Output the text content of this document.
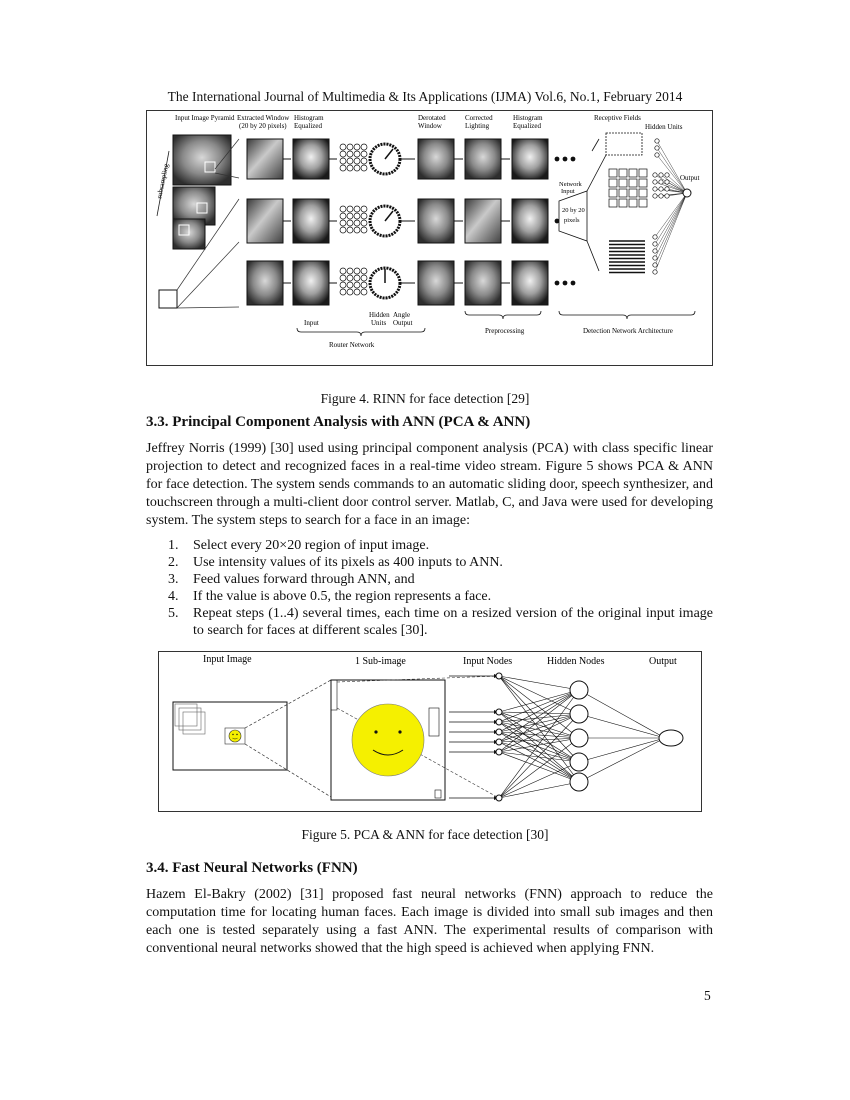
The International Journal of Multimedia & Its Applications (IJMA) Vol.6, No.1, February 2014
Input Image Pyramid Extracted Window
(20 by 20 pixels)
Histogram
Equalized
Derotated
Window
Corrected
Lighting
Histogram
Equalized
Receptive Fields
Hidden Units
Output
subsampling	Network
Input
20 by 20
pixels
Hidden
Units
Angle
Output
Input
Router Network
Preprocessing	Detection Network Architecture
Figure 4. RINN for face detection [29]
3.3. Principal Component Analysis with ANN (PCA & ANN)

Jeffrey Norris (1999) [30] used using principal component analysis (PCA) with class specific linear projection to detect and recognized faces in a real-time video stream. Figure 5 shows PCA & ANN for face detection. The system sends commands to an automatic sliding door, speech synthesizer, and touchscreen through a multi-client door control server. Matlab, C, and Java were used for developing system. The system steps to search for a face in an image:

1. Select every 20×20 region of input image.
2. Use intensity values of its pixels as 400 inputs to ANN.
3. Feed values forward through ANN, and
4. If the value is above 0.5, the region represents a face.
5. Repeat steps (1..4) several times, each time on a resized version of the original input image to search for faces at different scales [30].
Input Image	1 Sub-image	Input Nodes	Hidden Nodes	Output
Figure 5. PCA & ANN for face detection [30]
3.4. Fast Neural Networks (FNN)

Hazem El-Bakry (2002) [31] proposed fast neural networks (FNN) approach to reduce the computation time for locating human faces. Each image is divided into small sub images and then each one is tested separately using a fast ANN. The experimental results of comparison with conventional neural networks showed that the high speed is achieved when applying FNN.

5
